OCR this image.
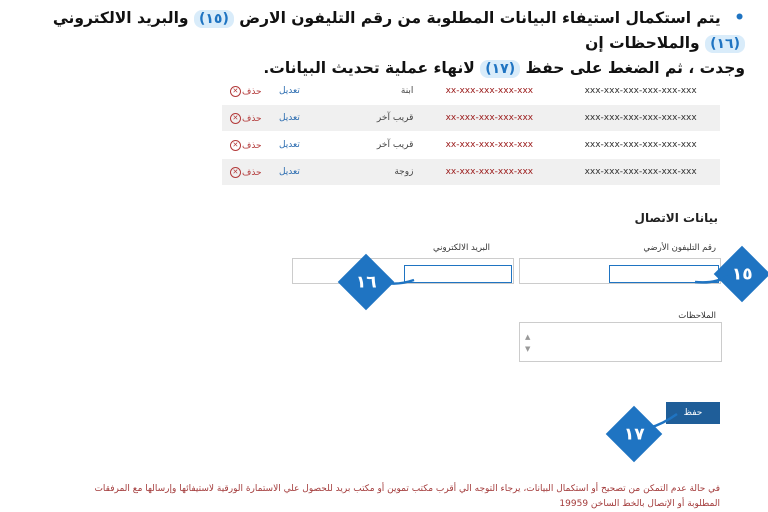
• يتم استكمال استيفاء البيانات المطلوبة من رقم التليفون الارض (١٥) والبريد الالكتروني (١٦) والملاحظات إن
وجدت ، ثم الضغط على حفظ (١٧) لانهاء عملية تحديث البيانات.
✕ حذف	تعديل	ابنة	xx-xxx-xxx-xxx-xxx	xxx-xxx-xxx-xxx-xxx-xxx
✕ حذف	تعديل	قريب آخر	xx-xxx-xxx-xxx-xxx	xxx-xxx-xxx-xxx-xxx-xxx
✕ حذف	تعديل	قريب آخر	xx-xxx-xxx-xxx-xxx	xxx-xxx-xxx-xxx-xxx-xxx
✕ حذف	تعديل	زوجة	xx-xxx-xxx-xxx-xxx	xxx-xxx-xxx-xxx-xxx-xxx
بيانات الاتصال
رقم التليفون الأرضي
البريد الالكتروني
الملاحظات
▲
▼
حفظ
١٥
١٦
١٧
في حالة عدم التمكن من تصحيح أو استكمال البيانات، يرجاء التوجه الي أقرب مكتب تموين أو مكتب بريد للحصول علي الاستمارة الورقية لاستيفائها وإرسالها مع المرفقات المطلوبة أو الإتصال بالخط الساخن 19959
